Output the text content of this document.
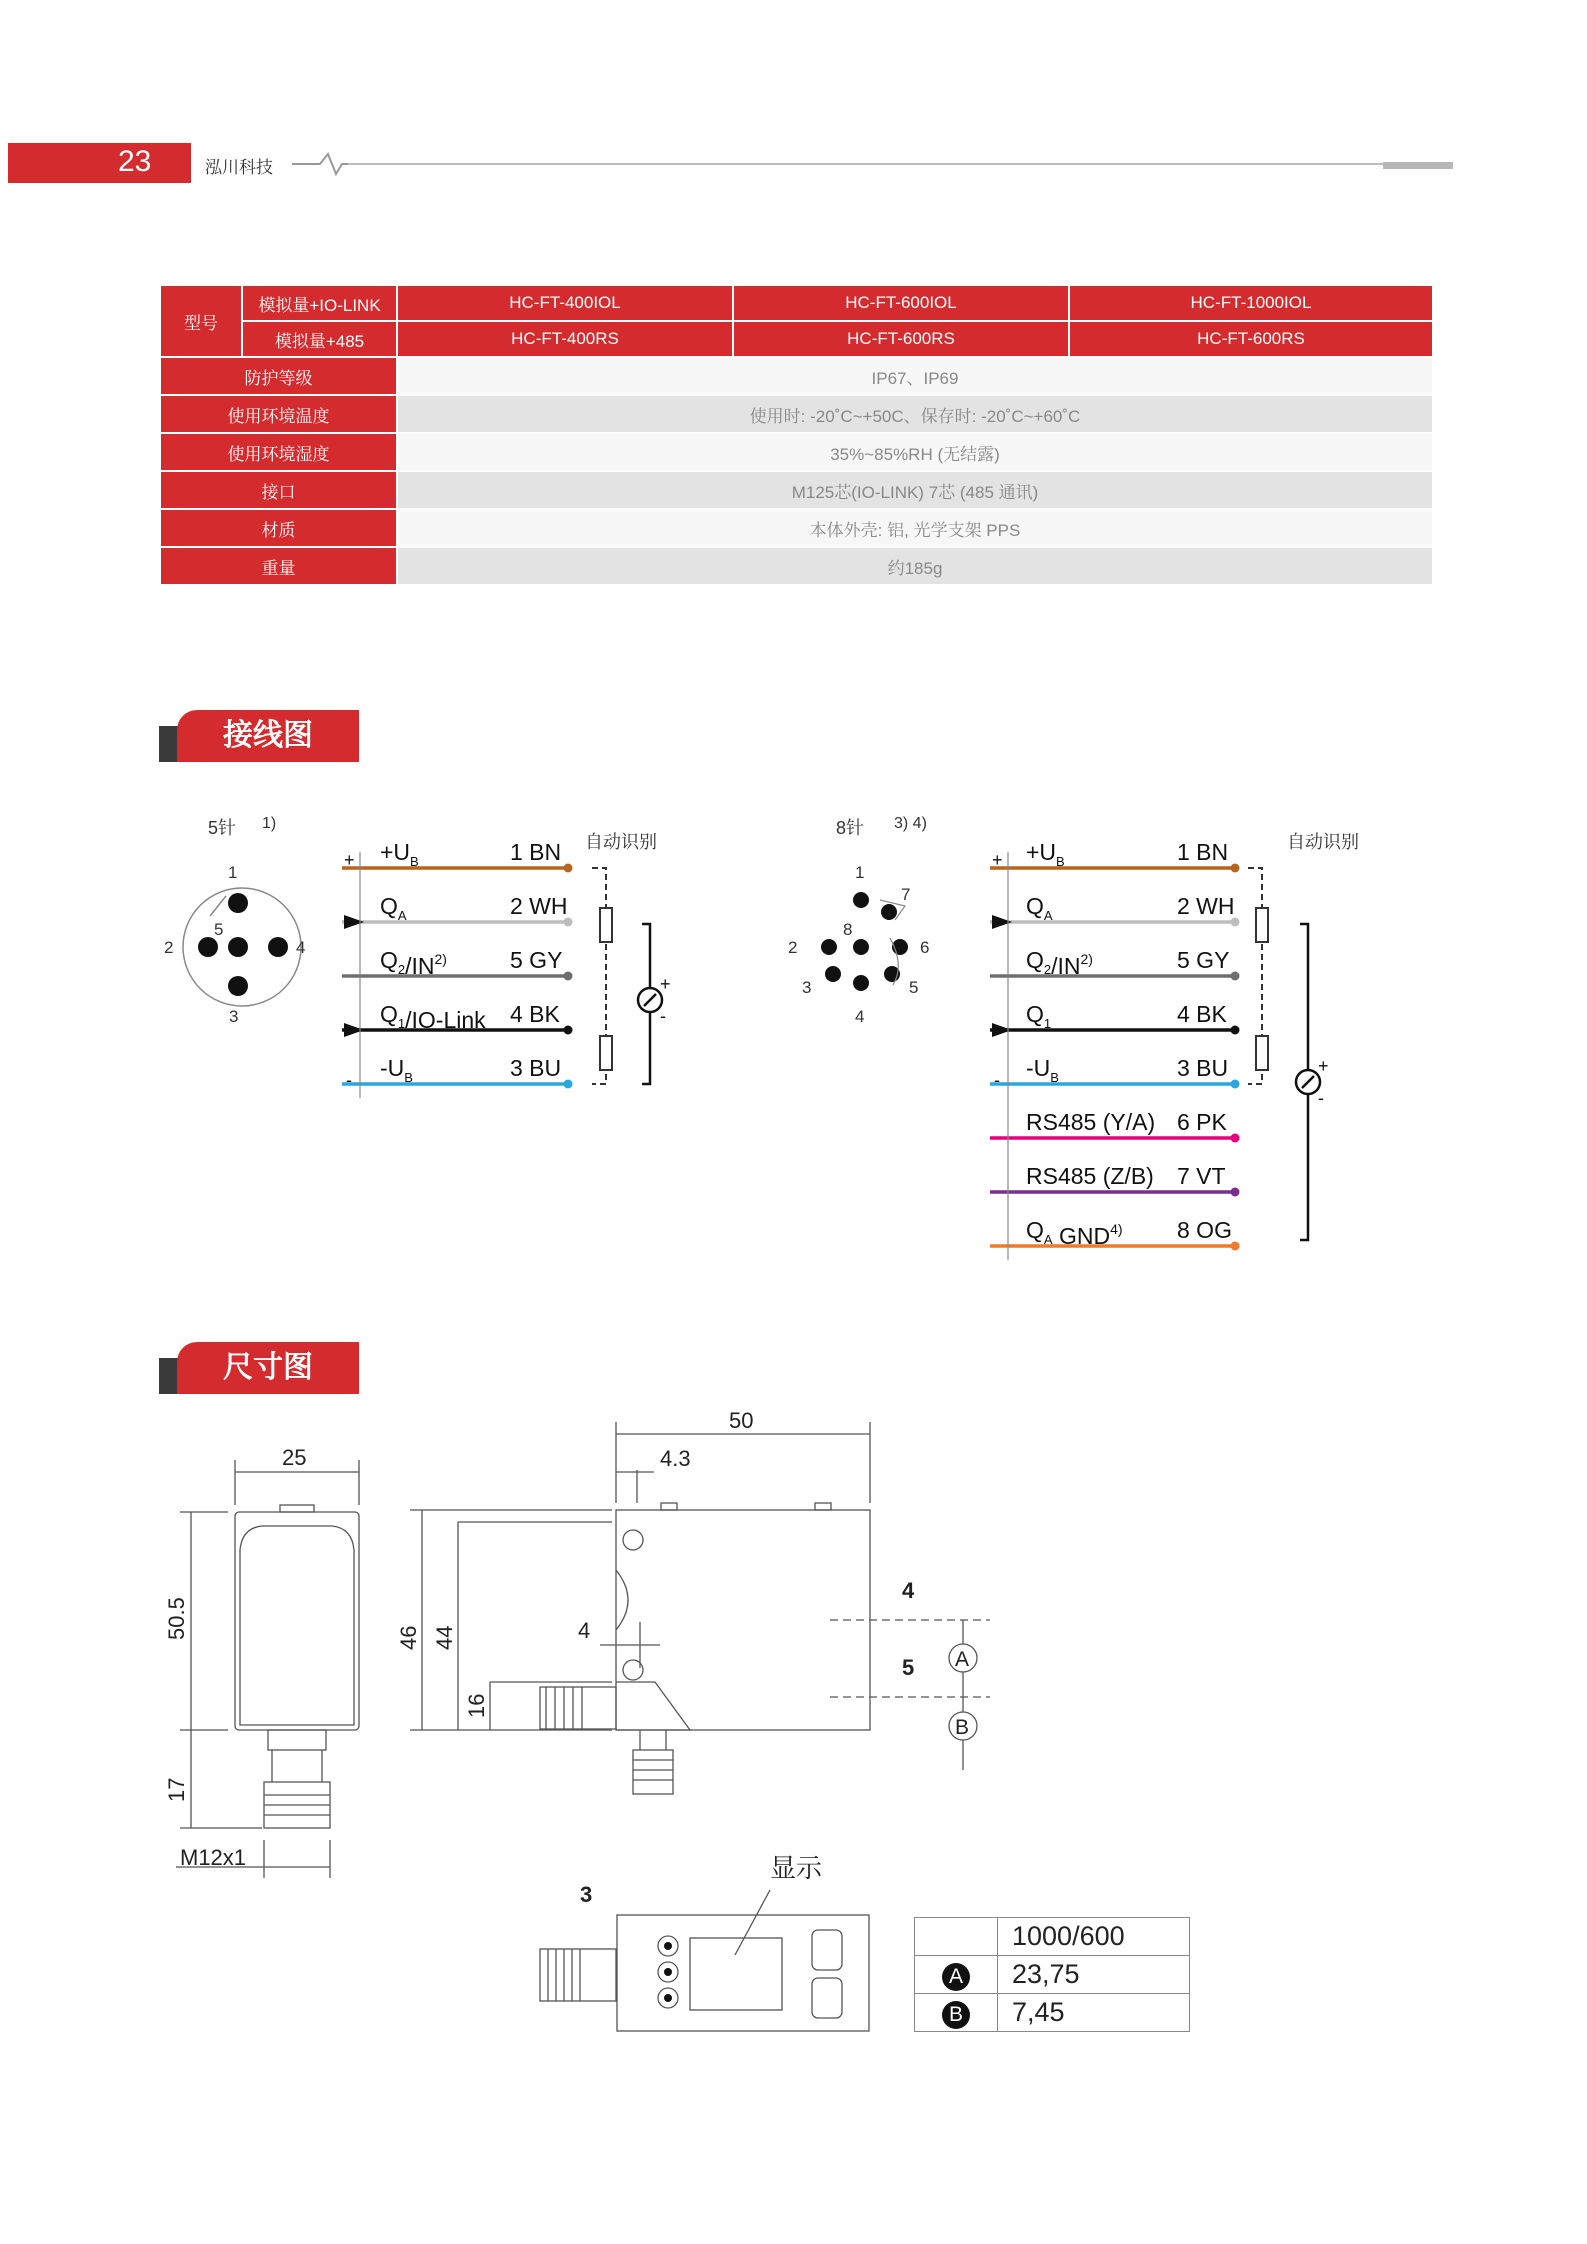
23	泓川科技
型号	模拟量+IO-LINK	HC-FT-400IOL	HC-FT-600IOL	HC-FT-1000IOL
	模拟量+485	HC-FT-400RS	HC-FT-600RS	HC-FT-600RS
防护等级		IP67、IP69		
使用环境温度		使用时: -20˚C~+50C、保存时: -20˚C~+60˚C		
使用环境湿度		35%~85%RH (无结露)		
接口		M125芯(IO-LINK) 7芯 (485 通讯)		
材质		本体外壳: 铝, 光学支架 PPS		
重量		约185g		
接线图
5针 1)
1
2
3
4
5
$+U_B$	1 BN
$Q_A$	2 WH
$Q_2/IN^{2)}$	5 GY
$Q_1/IO$-Link 4 BK
$-U_B$	3 BU
+
-
+
-
自动识别
8针 3) 4)
1
2
3
4
5
6
7
8
$+U_B$	1 BN
$Q_A$	2 WH
$Q_2/IN^{2)}$	5 GY
$Q_1$	4 BK
$-U_B$	3 BU
RS485 (Y/A) 6 PK
RS485 (Z/B) 7 VT
$Q_A$ GND$^{4)}$ 8 OG
+
-
+
-
自动识别
尺寸图
25
50.5
17
M12x1
50
4.3
46 44
16
4
4
5
3
显示
A
B
	1000/600
A	23,75
B	7,45
